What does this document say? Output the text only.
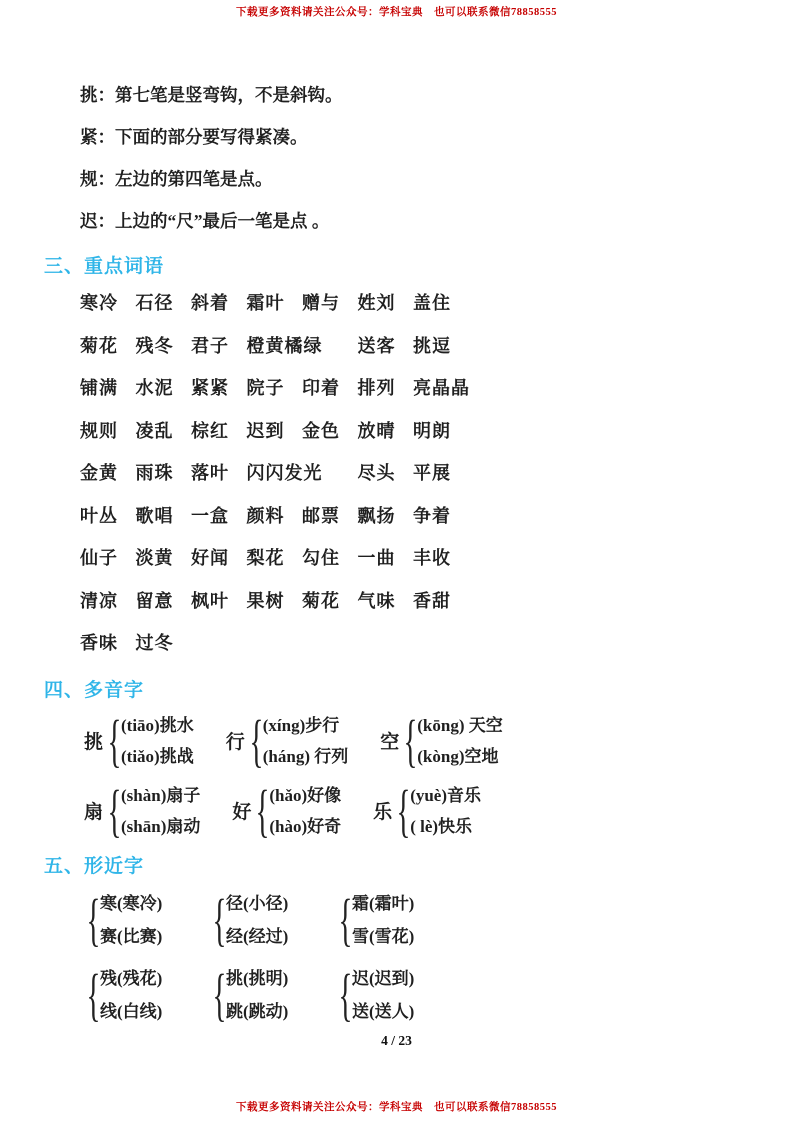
下载更多资料请关注公众号：学科宝典　也可以联系微信78858555
挑：第七笔是竖弯钩，不是斜钩。
紧：下面的部分要写得紧凑。
规：左边的第四笔是点。
迟：上边的“尺”最后一笔是点 。
三、重点词语
寒冷 石径 斜着 霜叶 赠与 姓刘 盖住
菊花 残冬 君子 橙黄橘绿 送客 挑逗
铺满 水泥 紧紧 院子 印着 排列 亮晶晶
规则 凌乱 棕红 迟到 金色 放晴 明朗
金黄 雨珠 落叶 闪闪发光 尽头 平展
叶丛 歌唱 一盒 颜料 邮票 飘扬 争着
仙子 淡黄 好闻 梨花 勾住 一曲 丰收
清凉 留意 枫叶 果树 菊花 气味 香甜
香味 过冬
四、多音字
挑 { (tiāo)挑水
(tiǎo)挑战
行 { (xíng)步行
(háng) 行列
空 { (kōng) 天空
(kòng)空地
扇 { (shàn)扇子
(shān)扇动
好 { (hǎo)好像
(hào)好奇
乐 { (yuè)音乐
( lè)快乐
五、形近字
{ 寒(寒冷)
赛(比赛) { 径(小径)
经(经过) { 霜(霜叶)
雪(雪花)
{ 残(残花)
线(白线) { 挑(挑明)
跳(跳动) { 迟(迟到)
送(送人)
4 / 23
下载更多资料请关注公众号：学科宝典　也可以联系微信78858555
